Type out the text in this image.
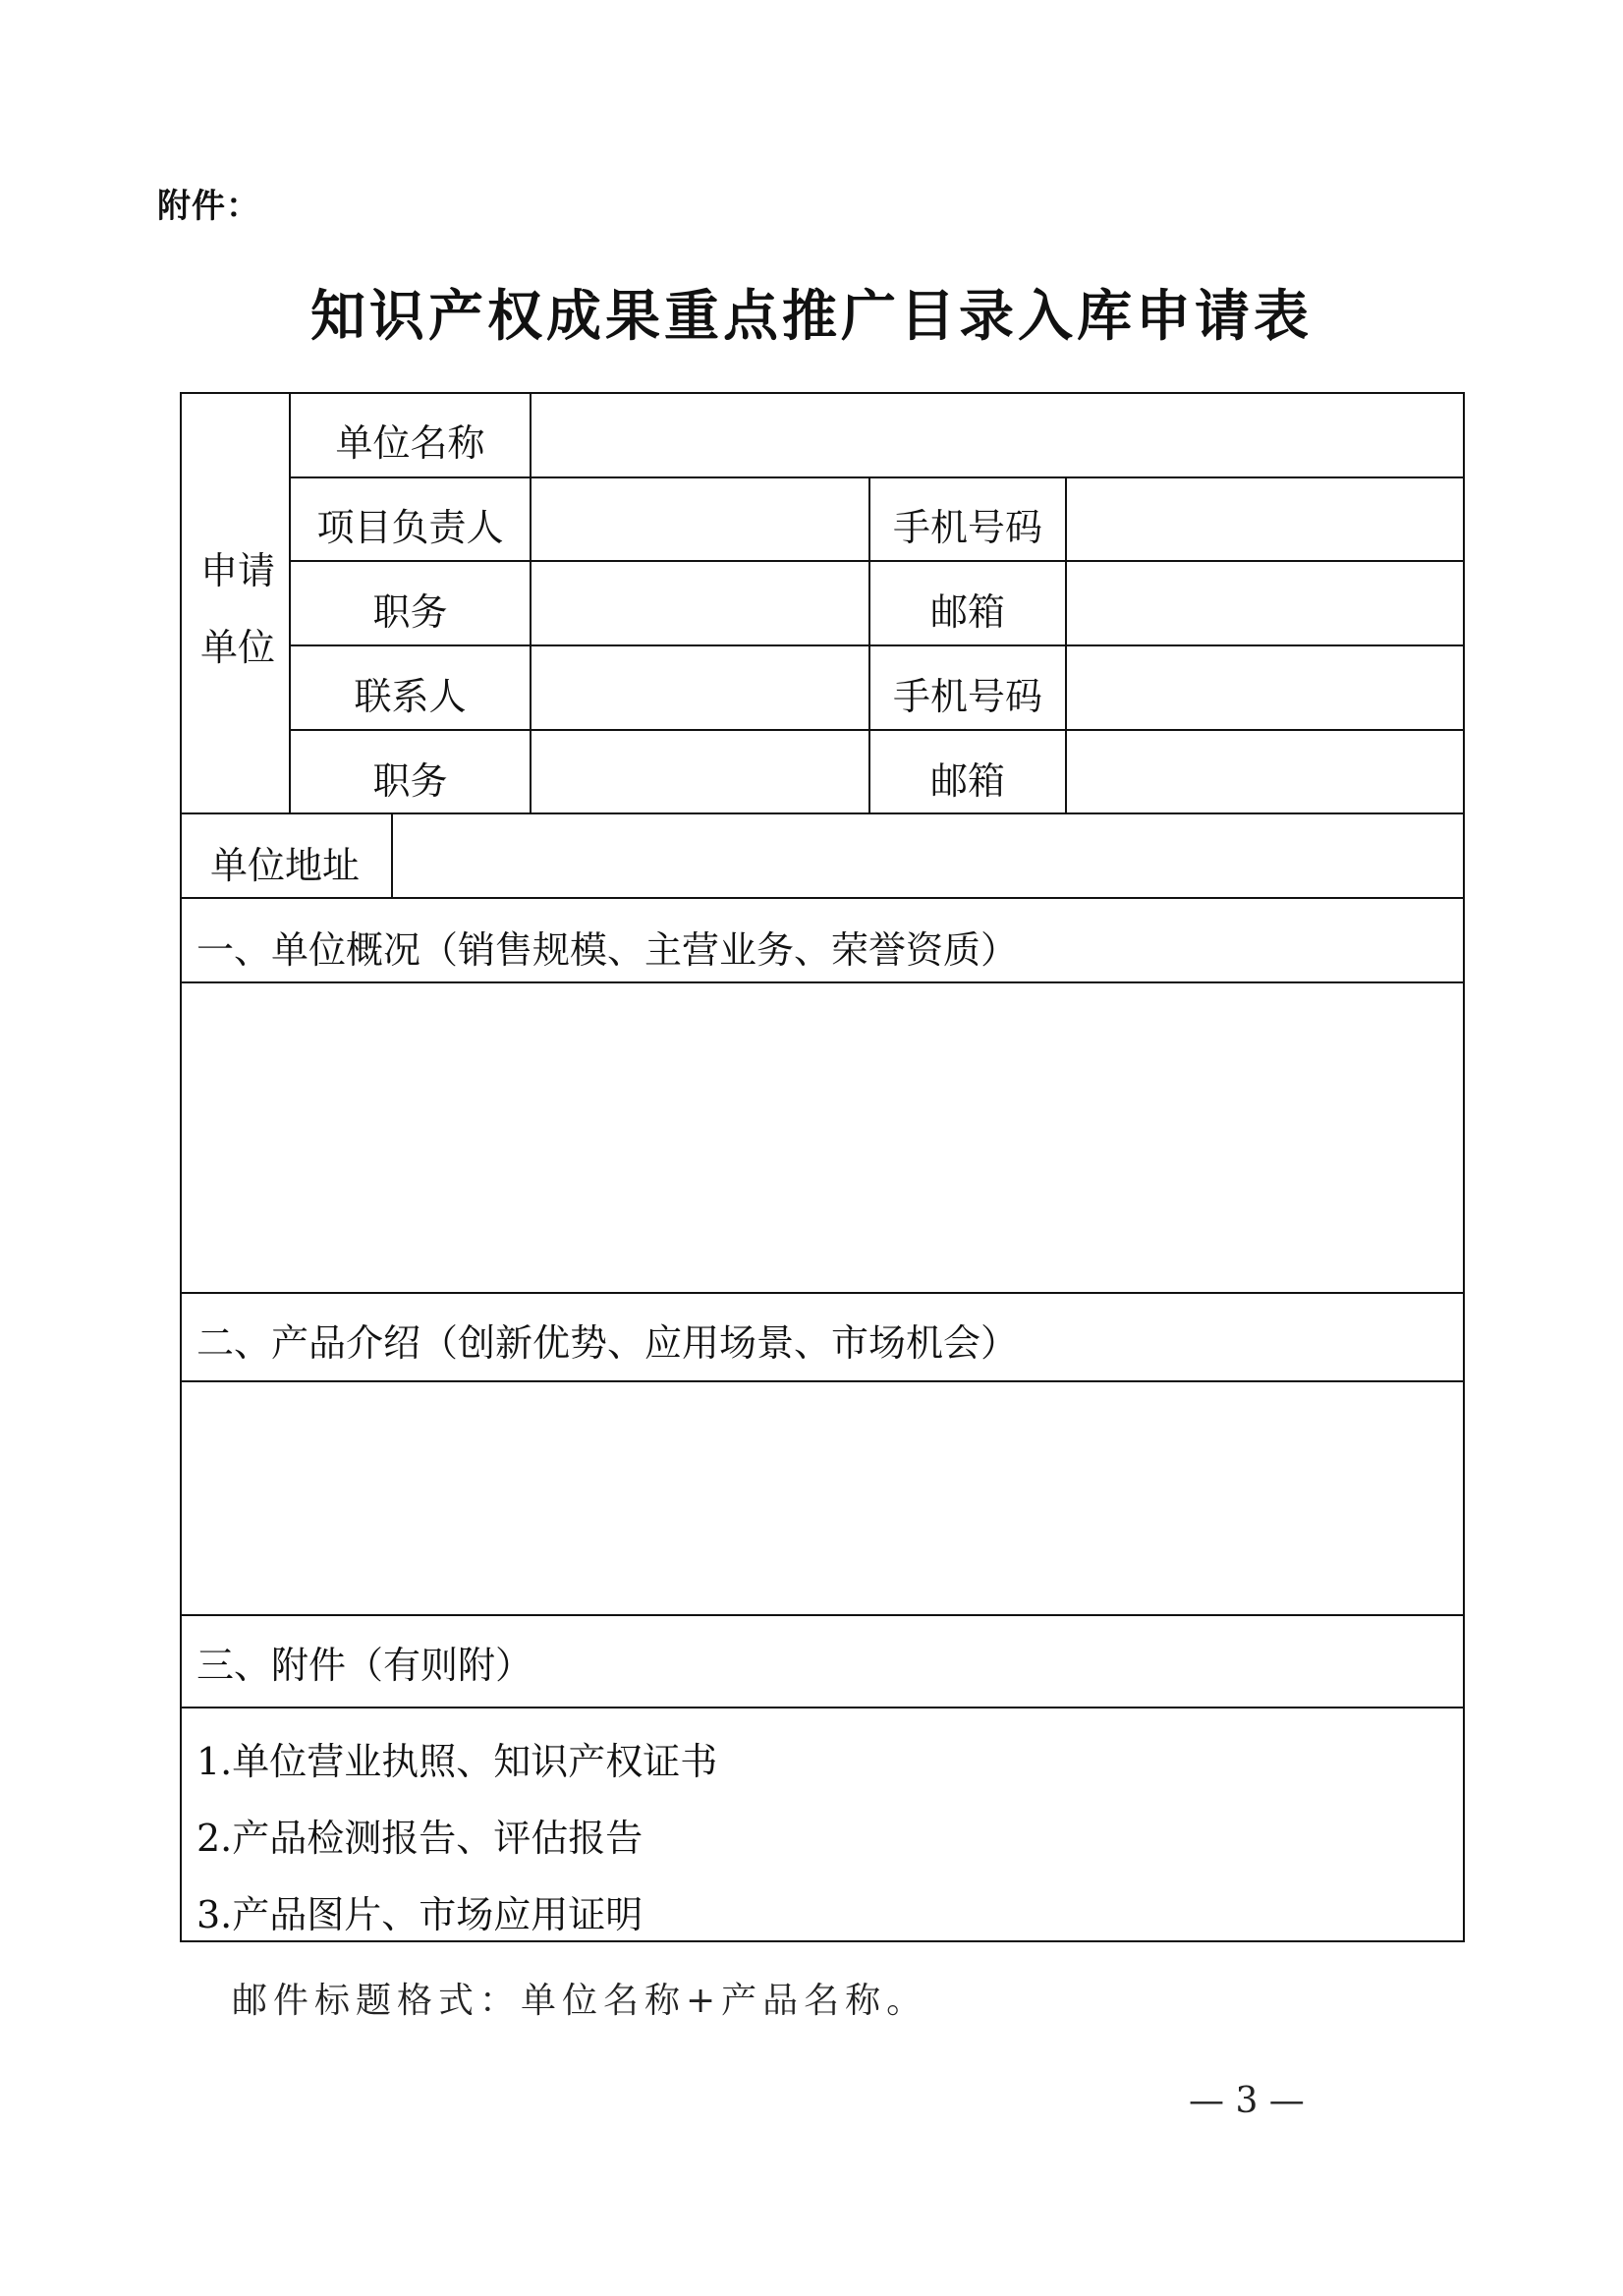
附件：
知识产权成果重点推广目录入库申请表
申请
单位
单位名称
项目负责人	手机号码
职务	邮箱
联系人	手机号码
职务	邮箱
单位地址
一、单位概况（销售规模、主营业务、荣誉资质）
二、产品介绍（创新优势、应用场景、市场机会）
三、附件（有则附）
1.单位营业执照、知识产权证书
2.产品检测报告、评估报告
3.产品图片、市场应用证明
邮件标题格式：单位名称+产品名称。
— 3 —
